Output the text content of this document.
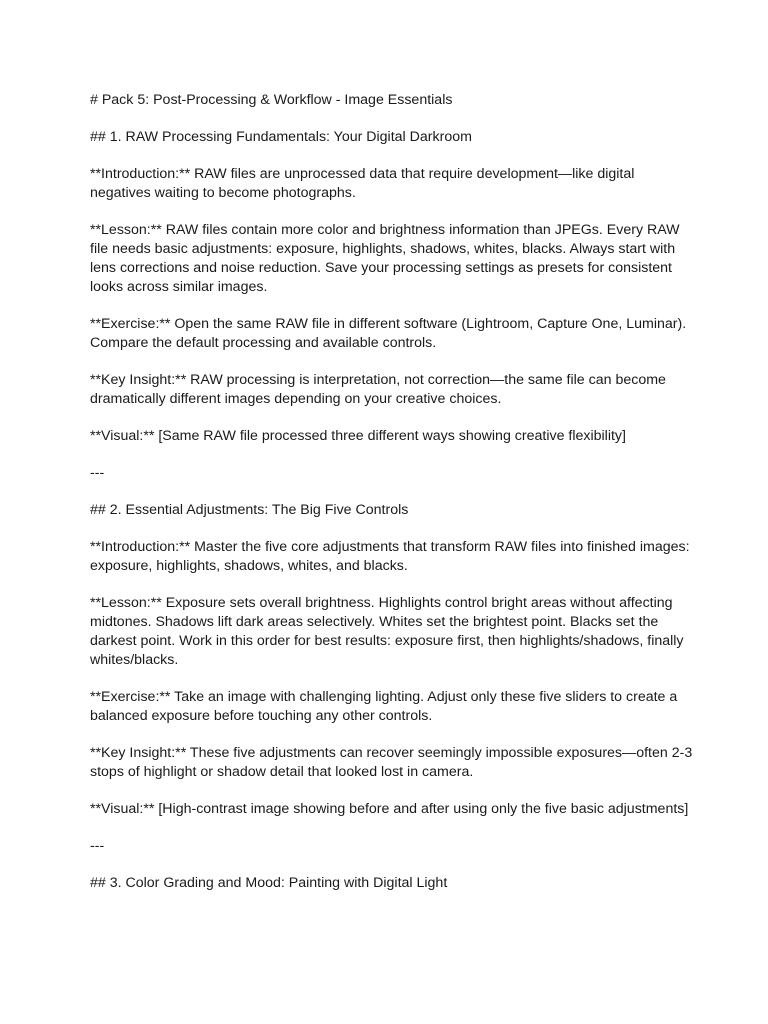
# Pack 5: Post-Processing & Workflow - Image Essentials

## 1. RAW Processing Fundamentals: Your Digital Darkroom

**Introduction:** RAW files are unprocessed data that require development—like digital
negatives waiting to become photographs.

**Lesson:** RAW files contain more color and brightness information than JPEGs. Every RAW
file needs basic adjustments: exposure, highlights, shadows, whites, blacks. Always start with
lens corrections and noise reduction. Save your processing settings as presets for consistent
looks across similar images.

**Exercise:** Open the same RAW file in different software (Lightroom, Capture One, Luminar).
Compare the default processing and available controls.

**Key Insight:** RAW processing is interpretation, not correction—the same file can become
dramatically different images depending on your creative choices.

**Visual:** [Same RAW file processed three different ways showing creative flexibility]

---

## 2. Essential Adjustments: The Big Five Controls

**Introduction:** Master the five core adjustments that transform RAW files into finished images:
exposure, highlights, shadows, whites, and blacks.

**Lesson:** Exposure sets overall brightness. Highlights control bright areas without affecting
midtones. Shadows lift dark areas selectively. Whites set the brightest point. Blacks set the
darkest point. Work in this order for best results: exposure first, then highlights/shadows, finally
whites/blacks.

**Exercise:** Take an image with challenging lighting. Adjust only these five sliders to create a
balanced exposure before touching any other controls.

**Key Insight:** These five adjustments can recover seemingly impossible exposures—often 2-3
stops of highlight or shadow detail that looked lost in camera.

**Visual:** [High-contrast image showing before and after using only the five basic adjustments]

---

## 3. Color Grading and Mood: Painting with Digital Light
